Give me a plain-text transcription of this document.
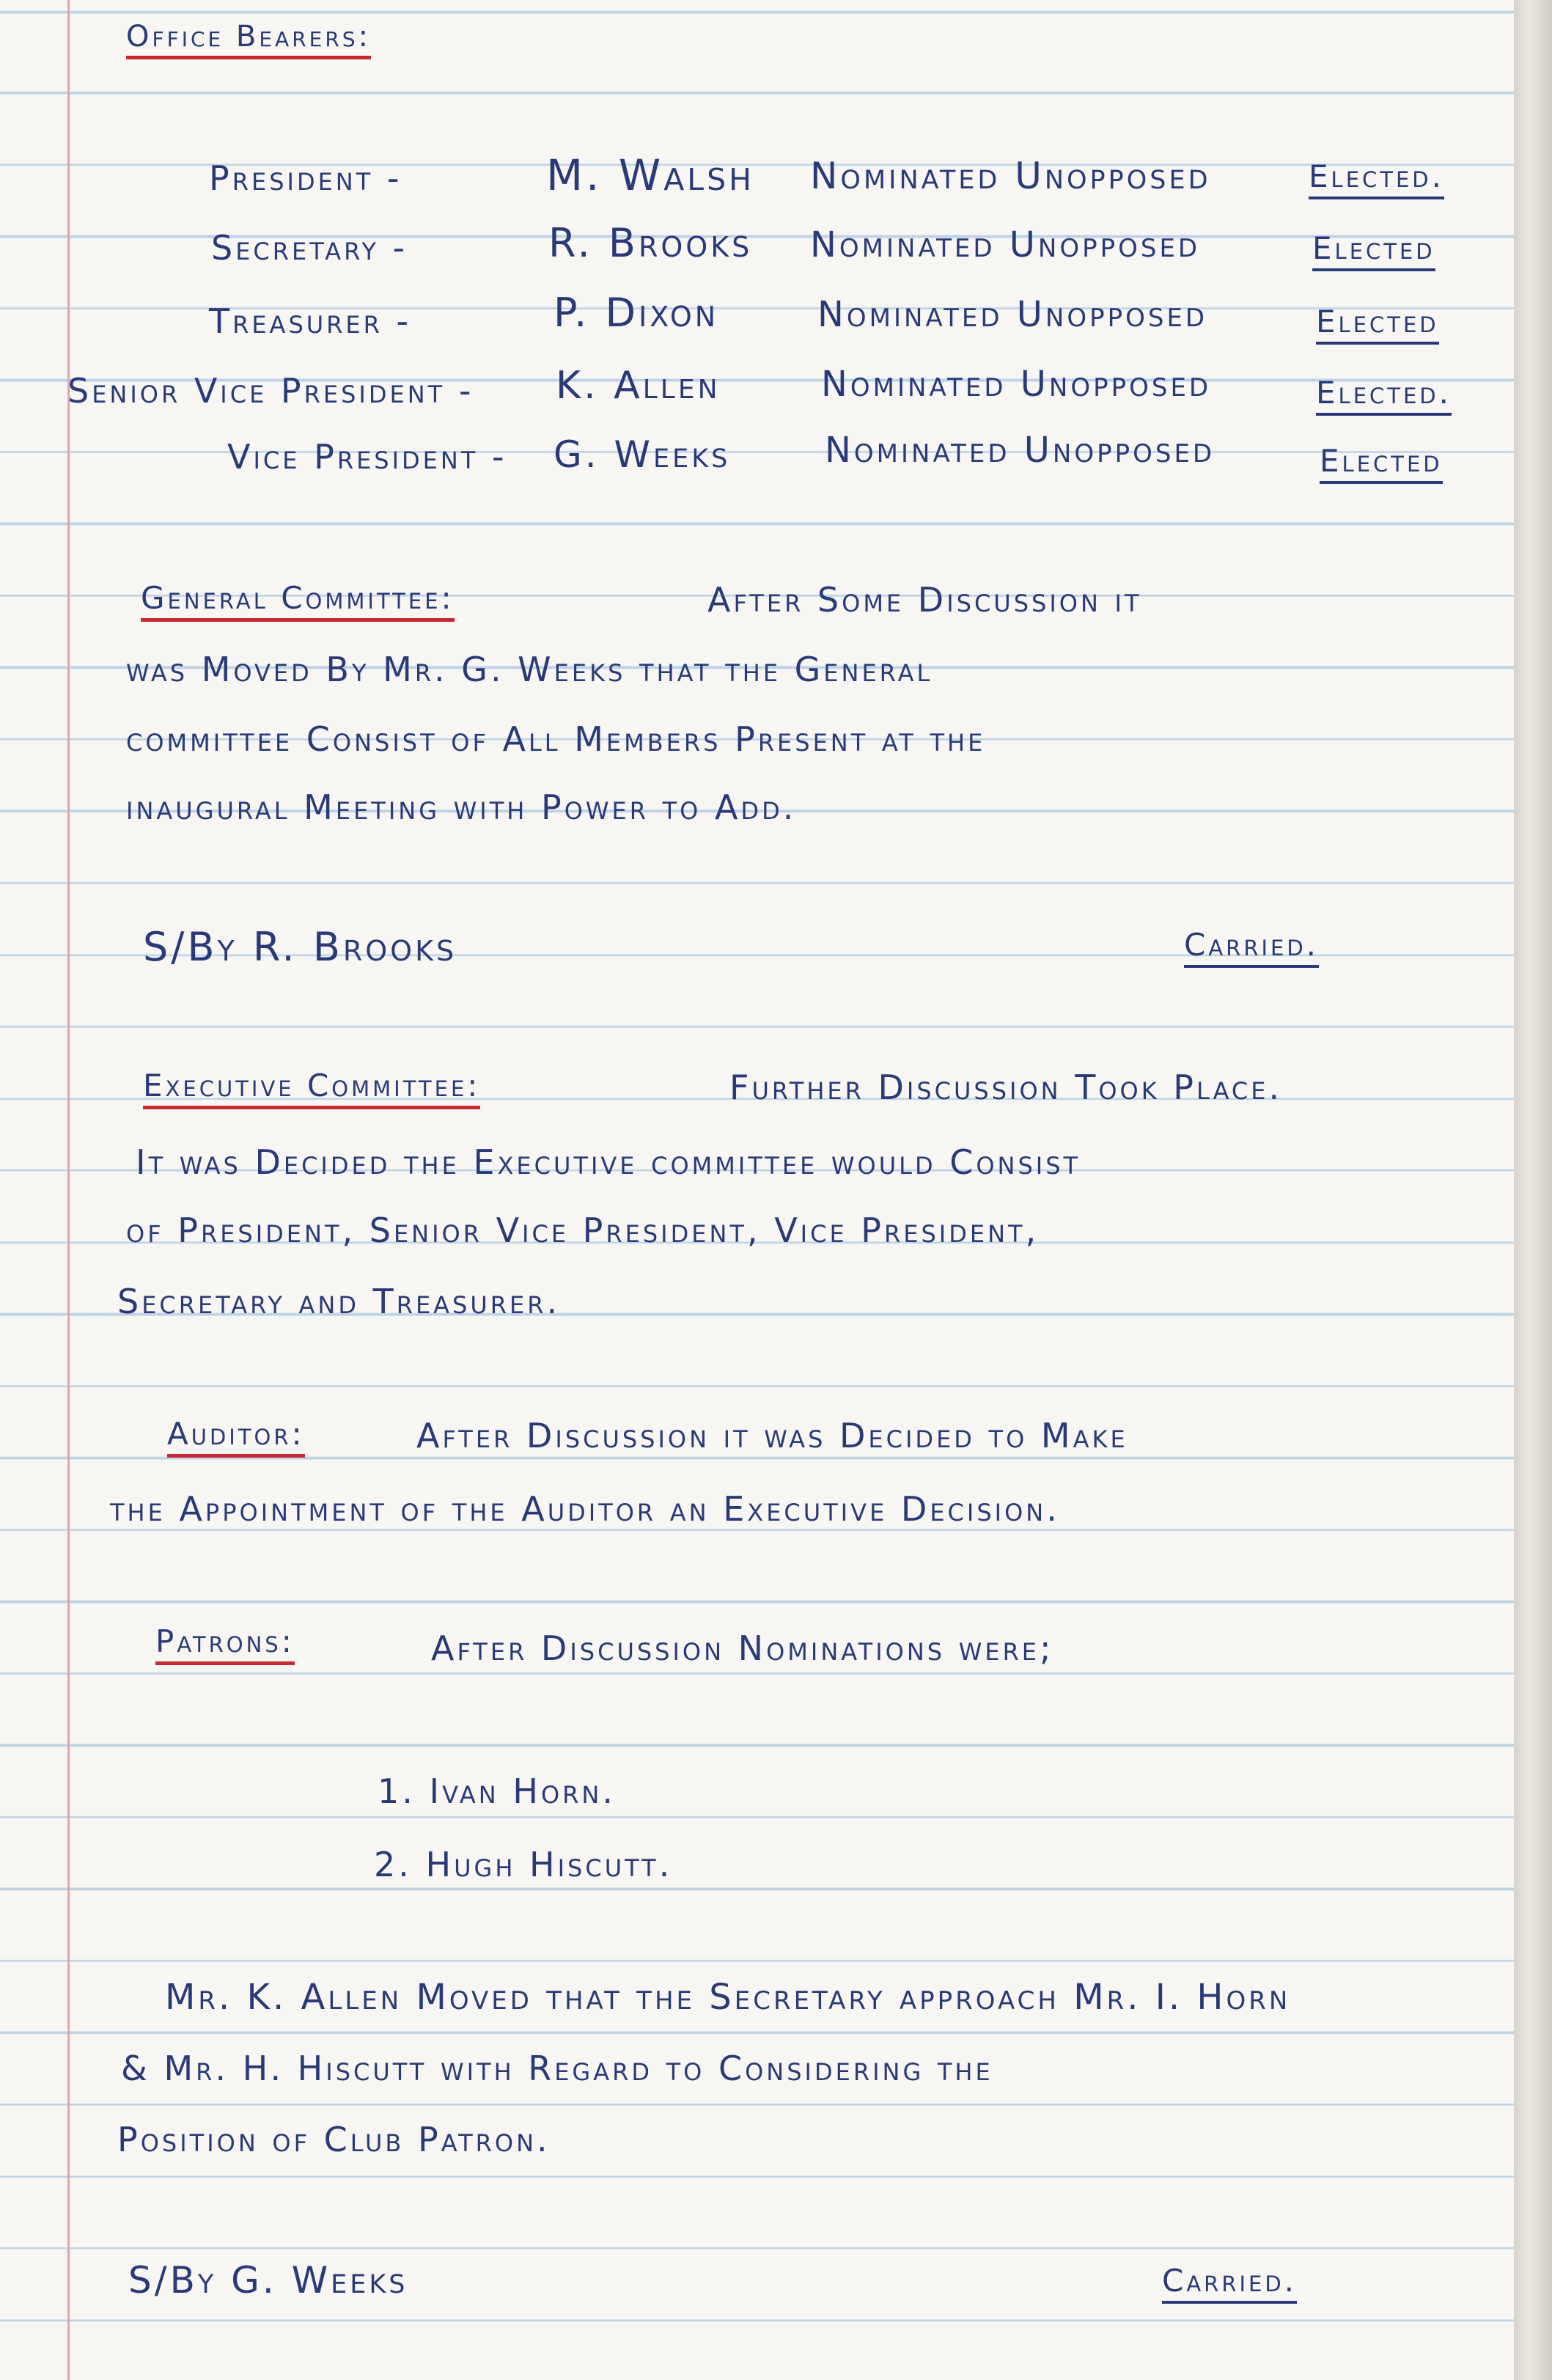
Office Bearers:
President -	M. Walsh Nominated Unopposed	Elected.
Secretary -	R. Brooks Nominated Unopposed	Elected
Treasurer -	P. Dixon	Nominated Unopposed	Elected
Senior Vice President - K. Allen	Nominated Unopposed	Elected.
Vice President - G. Weeks	Nominated Unopposed	Elected
General Committee:	After Some Discussion it
was Moved By Mr. G. Weeks that the General
committee Consist of All Members Present at the
inaugural Meeting with Power to Add.
S/By R. Brooks	Carried.
Executive Committee:	Further Discussion Took Place.
It was Decided the Executive committee would Consist
of President, Senior Vice President, Vice President,
Secretary and Treasurer.
Auditor:	After Discussion it was Decided to Make
the Appointment of the Auditor an Executive Decision.
Patrons:	After Discussion Nominations were;
1. Ivan Horn.
2. Hugh Hiscutt.
Mr. K. Allen Moved that the Secretary approach Mr. I. Horn
& Mr. H. Hiscutt with Regard to Considering the
Position of Club Patron.
S/By G. Weeks	Carried.
